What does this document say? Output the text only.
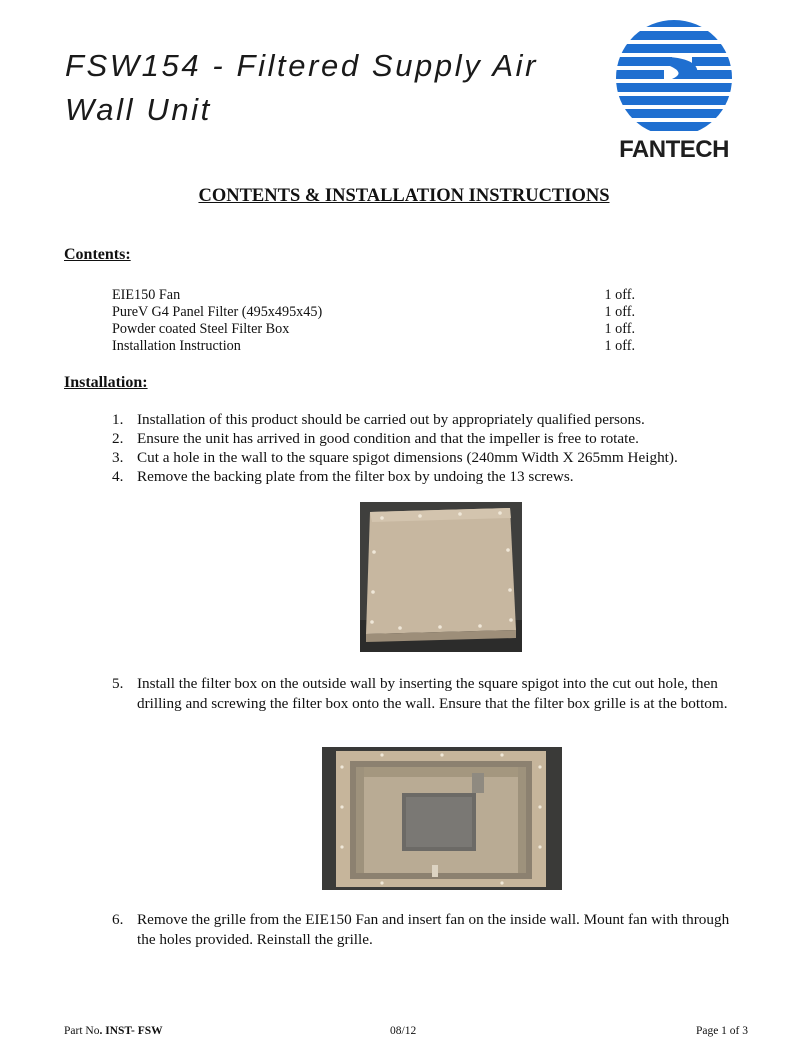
FSW154 - Filtered Supply Air
Wall Unit
FANTECH
CONTENTS & INSTALLATION INSTRUCTIONS
Contents:
EIE150 Fan	1 off.
PureV G4 Panel Filter (495x495x45)	1 off.
Powder coated Steel Filter Box	1 off.
Installation Instruction	1 off.
Installation:
1. Installation of this product should be carried out by appropriately qualified persons.
2. Ensure the unit has arrived in good condition and that the impeller is free to rotate.
3. Cut a hole in the wall to the square spigot dimensions (240mm Width X 265mm Height).
4. Remove the backing plate from the filter box by undoing the 13 screws.
5. Install the filter box on the outside wall by inserting the square spigot into the cut out hole, then drilling and screwing the filter box onto the wall. Ensure that the filter box grille is at the bottom.
6. Remove the grille from the EIE150 Fan and insert fan on the inside wall. Mount fan with through the holes provided. Reinstall the grille.
Part No. INST- FSW	08/12	Page 1 of 3
